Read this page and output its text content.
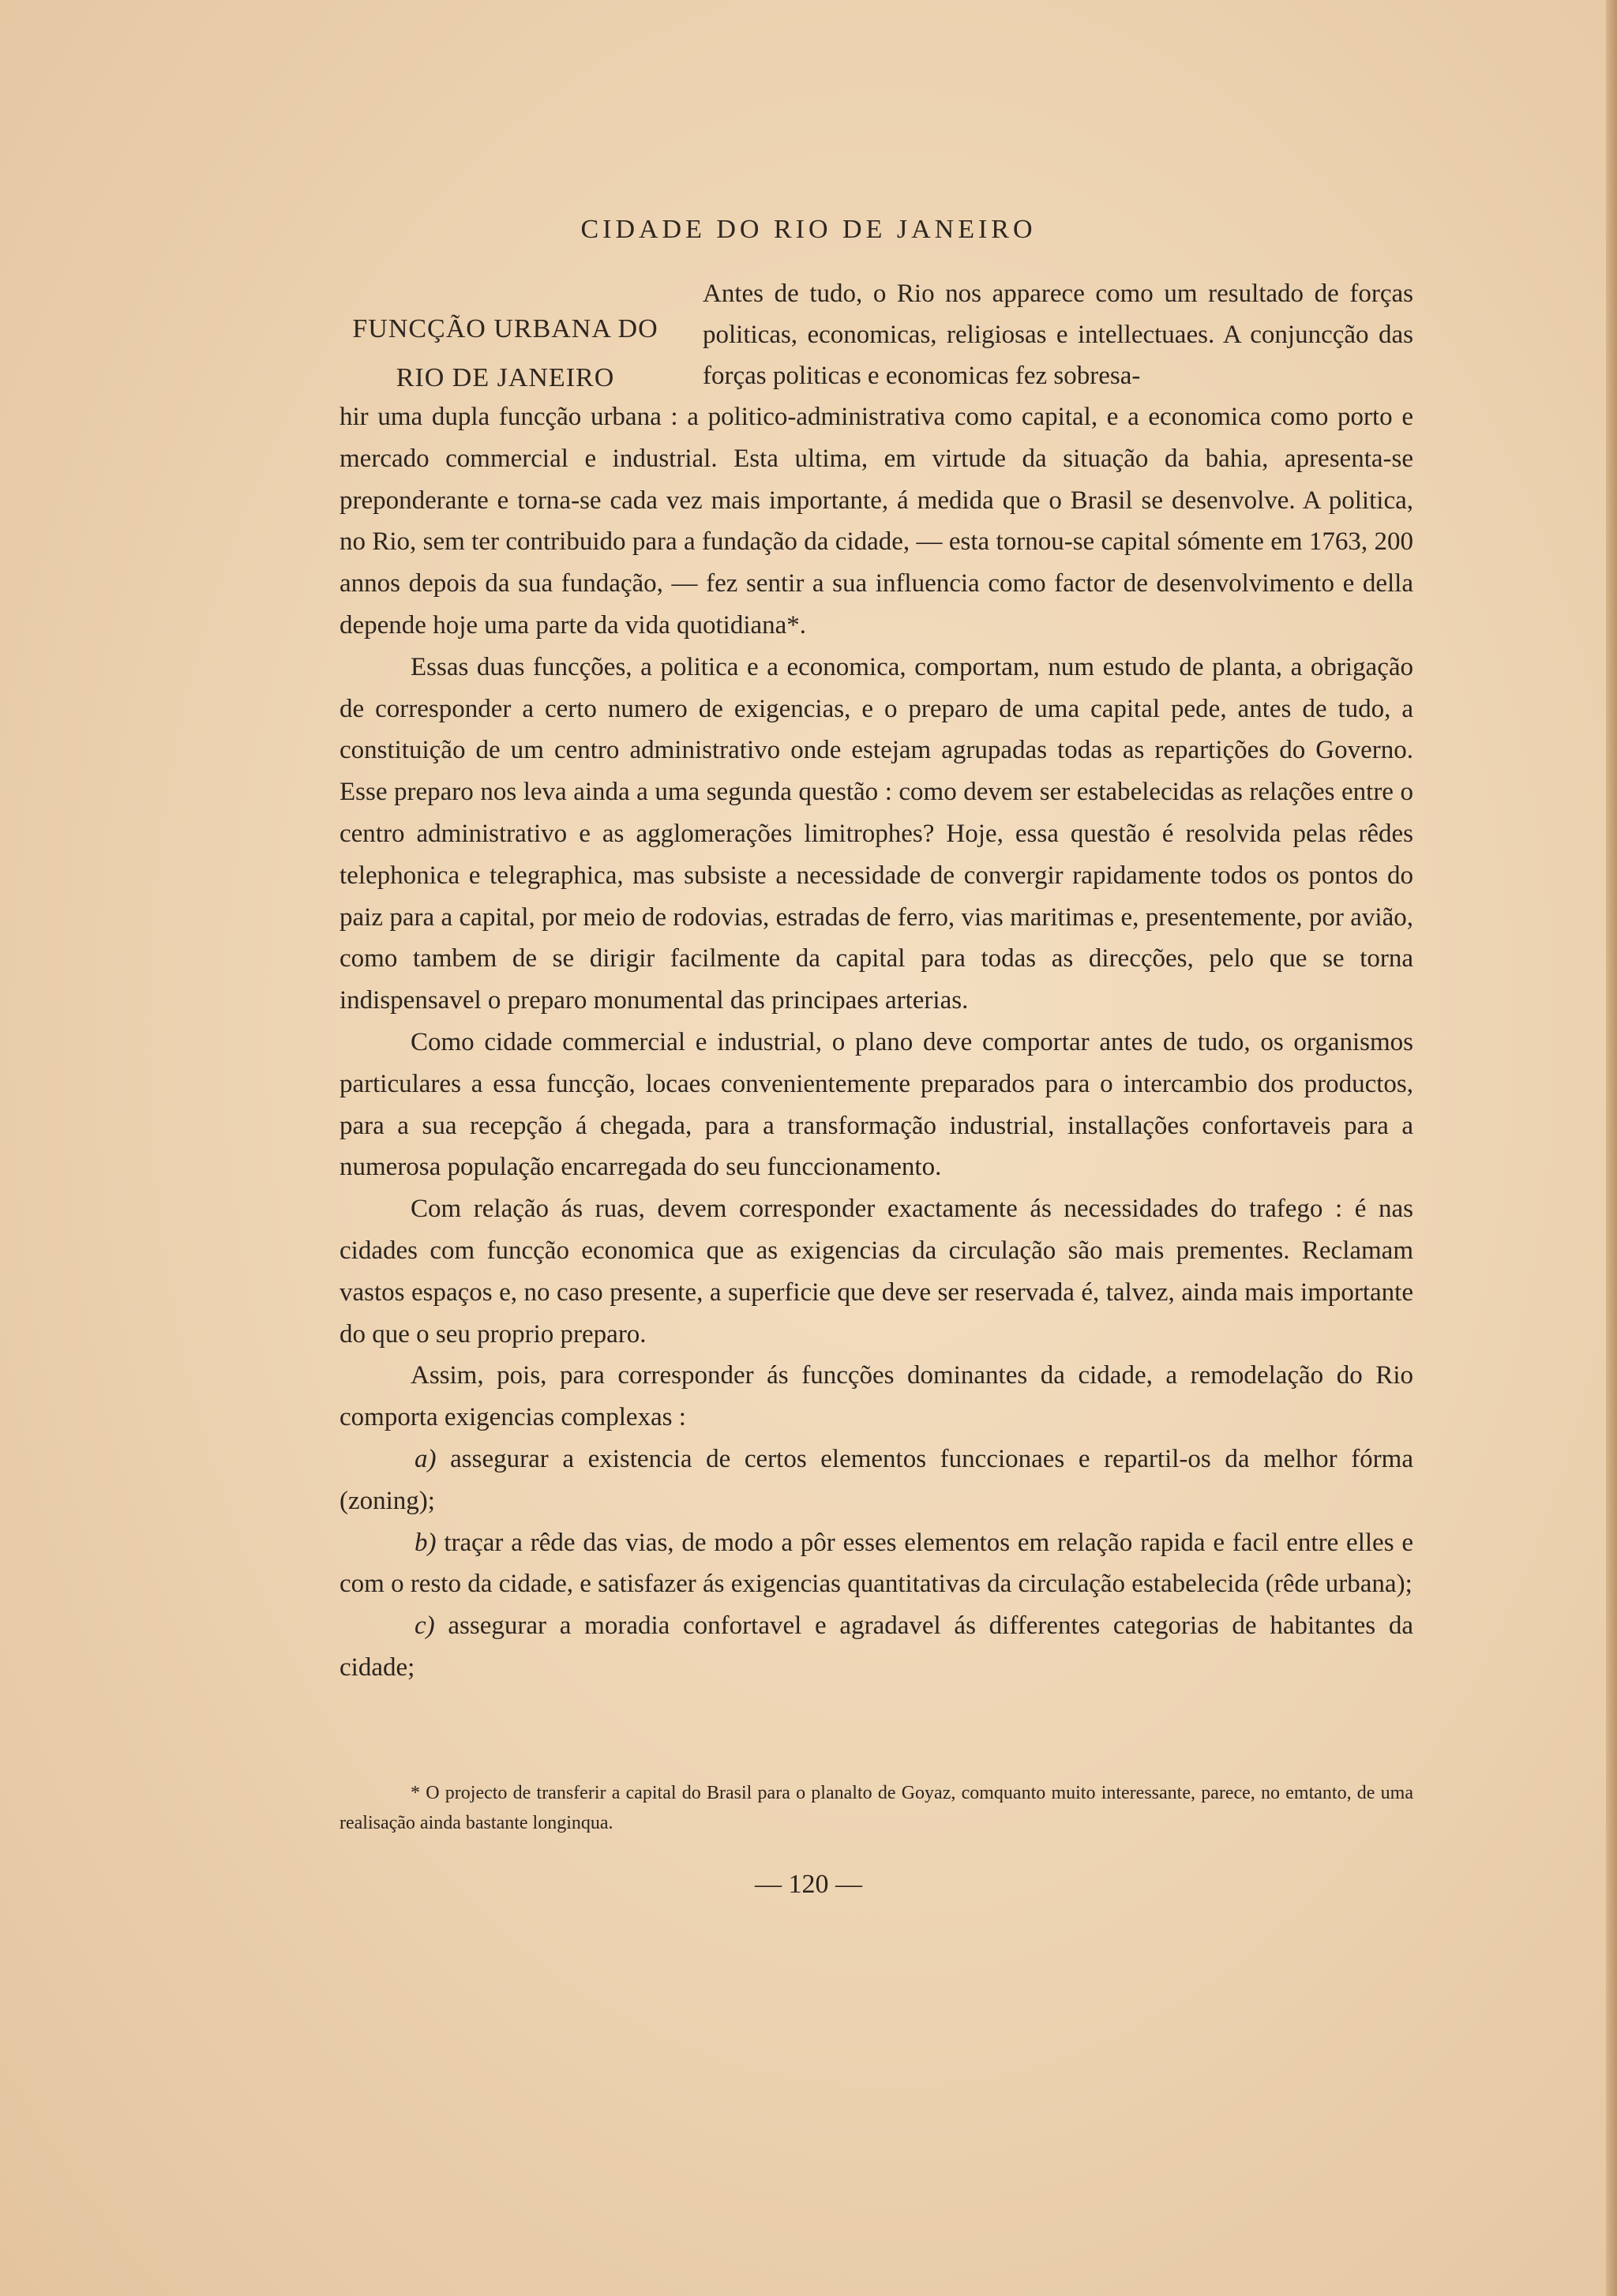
CIDADE DO RIO DE JANEIRO
FUNCÇÃO URBANA DO
RIO DE JANEIRO
Antes de tudo, o Rio nos apparece como um resultado de forças politicas, economicas, religiosas e intellectuaes. A conjuncção das forças politicas e economicas fez sobresa-

hir uma dupla funcção urbana : a politico-administrativa como capital, e a economica como porto e mercado commercial e industrial. Esta ultima, em virtude da situação da bahia, apresenta-se preponderante e torna-se cada vez mais importante, á medida que o Brasil se desenvolve. A politica, no Rio, sem ter contribuido para a fundação da cidade, — esta tornou-se capital sómente em 1763, 200 annos depois da sua fundação, — fez sentir a sua influencia como factor de desenvolvimento e della depende hoje uma parte da vida quotidiana*.

Essas duas funcções, a politica e a economica, comportam, num estudo de planta, a obrigação de corresponder a certo numero de exigencias, e o preparo de uma capital pede, antes de tudo, a constituição de um centro administrativo onde estejam agrupadas todas as repartições do Governo. Esse preparo nos leva ainda a uma segunda questão : como devem ser estabelecidas as relações entre o centro administrativo e as agglomerações limitrophes? Hoje, essa questão é resolvida pelas rêdes telephonica e telegraphica, mas subsiste a necessidade de convergir rapidamente todos os pontos do paiz para a capital, por meio de rodovias, estradas de ferro, vias maritimas e, presentemente, por avião, como tambem de se dirigir facilmente da capital para todas as direcções, pelo que se torna indispensavel o preparo monumental das principaes arterias.

Como cidade commercial e industrial, o plano deve comportar antes de tudo, os organismos particulares a essa funcção, locaes convenientemente preparados para o intercambio dos productos, para a sua recepção á chegada, para a transformação industrial, installações confortaveis para a numerosa população encarregada do seu funccionamento.

Com relação ás ruas, devem corresponder exactamente ás necessidades do trafego : é nas cidades com funcção economica que as exigencias da circulação são mais prementes. Reclamam vastos espaços e, no caso presente, a superficie que deve ser reservada é, talvez, ainda mais importante do que o seu proprio preparo.

Assim, pois, para corresponder ás funcções dominantes da cidade, a remodelação do Rio comporta exigencias complexas :

a) assegurar a existencia de certos elementos funccionaes e repartil-os da melhor fórma (zoning);

b) traçar a rêde das vias, de modo a pôr esses elementos em relação rapida e facil entre elles e com o resto da cidade, e satisfazer ás exigencias quantitativas da circulação estabelecida (rêde urbana);

c) assegurar a moradia confortavel e agradavel ás differentes categorias de habitantes da cidade;

* O projecto de transferir a capital do Brasil para o planalto de Goyaz, comquanto muito interessante, parece, no emtanto, de uma realisação ainda bastante longinqua.
— 120 —
